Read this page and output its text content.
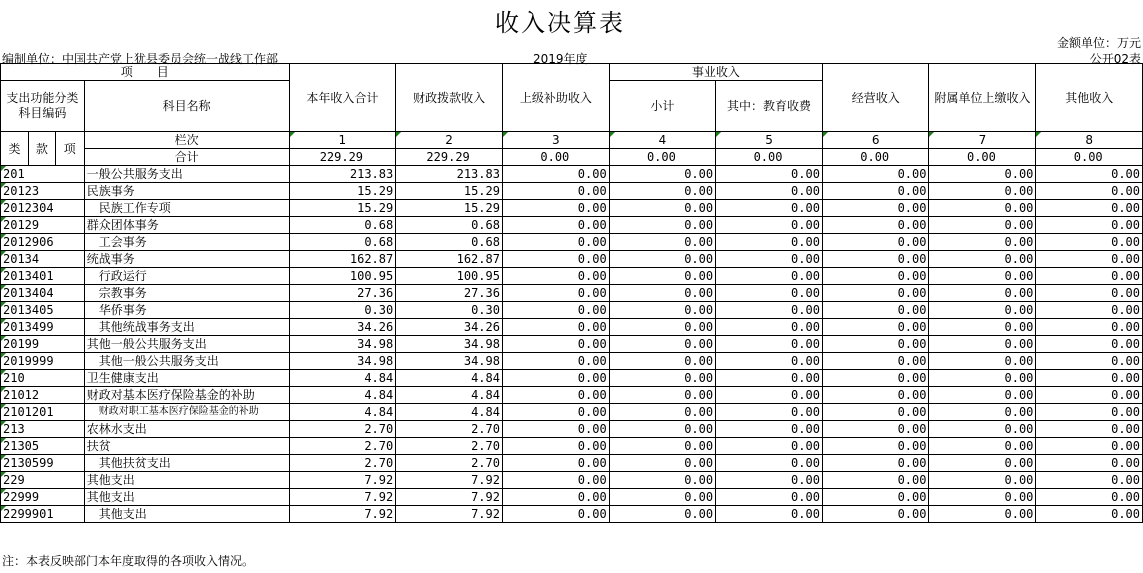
收入决算表
金额单位：万元
编制单位：中国共产党上犹县委员会统一战线工作部	2019年度	公开02表
项　　目				本年收入合计	财政拨款收入	上级补助收入	事业收入		经营收入	附属单位上缴收入	其他收入
支出功能分类科目编码			科目名称				小计	其中：教育收费			

类	款	项	栏次	1	2	3	4	5	6	7	8
			合计	229.29	229.29	0.00	0.00	0.00	0.00	0.00	0.00
201			一般公共服务支出	213.83	213.83	0.00	0.00	0.00	0.00	0.00	0.00
20123			民族事务	15.29	15.29	0.00	0.00	0.00	0.00	0.00	0.00
2012304			民族工作专项	15.29	15.29	0.00	0.00	0.00	0.00	0.00	0.00
20129			群众团体事务	0.68	0.68	0.00	0.00	0.00	0.00	0.00	0.00
2012906			工会事务	0.68	0.68	0.00	0.00	0.00	0.00	0.00	0.00
20134			统战事务	162.87	162.87	0.00	0.00	0.00	0.00	0.00	0.00
2013401			行政运行	100.95	100.95	0.00	0.00	0.00	0.00	0.00	0.00
2013404			宗教事务	27.36	27.36	0.00	0.00	0.00	0.00	0.00	0.00
2013405			华侨事务	0.30	0.30	0.00	0.00	0.00	0.00	0.00	0.00
2013499			其他统战事务支出	34.26	34.26	0.00	0.00	0.00	0.00	0.00	0.00
20199			其他一般公共服务支出	34.98	34.98	0.00	0.00	0.00	0.00	0.00	0.00
2019999			其他一般公共服务支出	34.98	34.98	0.00	0.00	0.00	0.00	0.00	0.00
210			卫生健康支出	4.84	4.84	0.00	0.00	0.00	0.00	0.00	0.00
21012			财政对基本医疗保险基金的补助	4.84	4.84	0.00	0.00	0.00	0.00	0.00	0.00
2101201			财政对职工基本医疗保险基金的补助	4.84	4.84	0.00	0.00	0.00	0.00	0.00	0.00
213			农林水支出	2.70	2.70	0.00	0.00	0.00	0.00	0.00	0.00
21305			扶贫	2.70	2.70	0.00	0.00	0.00	0.00	0.00	0.00
2130599			其他扶贫支出	2.70	2.70	0.00	0.00	0.00	0.00	0.00	0.00
229			其他支出	7.92	7.92	0.00	0.00	0.00	0.00	0.00	0.00
22999			其他支出	7.92	7.92	0.00	0.00	0.00	0.00	0.00	0.00
2299901			其他支出	7.92	7.92	0.00	0.00	0.00	0.00	0.00	0.00
注：本表反映部门本年度取得的各项收入情况。
